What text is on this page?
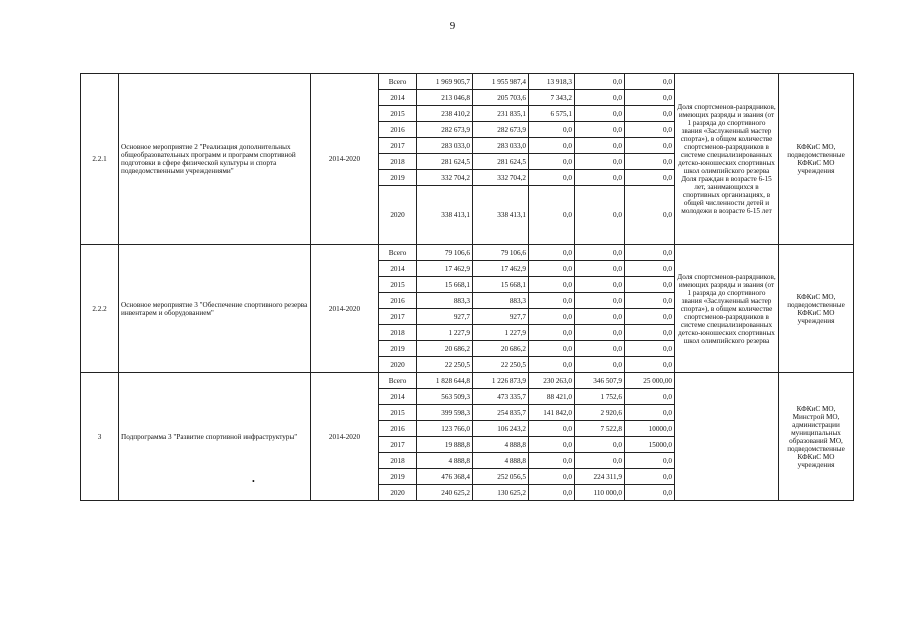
9
2.2.1	Основное мероприятие 2 "Реализация дополнительных общеобразовательных программ и программ спортивной подготовки в сфере физической культуры и спорта подведомственными учреждениями"	2014-2020	Всего	1 969 905,7	1 955 987,4	13 918,3	0,0	0,0	Доля спортсменов-разрядников, имеющих разряды и звания (от 1 разряда до спортивного звания «Заслуженный мастер спорта»), в общем количестве спортсменов-разрядников в системе специализированных детско-юношеских спортивных школ олимпийского резерва Доля граждан в возрасте 6-15 лет, занимающихся в спортивных организациях, в общей численности детей и молодежи в возрасте 6-15 лет	КФКиС МО, подведомственные КФКиС МО учреждения
			2014	213 046,8	205 703,6	7 343,2	0,0	0,0		
			2015	238 410,2	231 835,1	6 575,1	0,0	0,0		
			2016	282 673,9	282 673,9	0,0	0,0	0,0		
			2017	283 033,0	283 033,0	0,0	0,0	0,0		
			2018	281 624,5	281 624,5	0,0	0,0	0,0		
			2019	332 704,2	332 704,2	0,0	0,0	0,0		
			2020	338 413,1	338 413,1	0,0	0,0	0,0		
2.2.2	Основное мероприятие 3 "Обеспечение спортивного резерва инвентарем и оборудованием"	2014-2020	Всего	79 106,6	79 106,6	0,0	0,0	0,0	Доля спортсменов-разрядников, имеющих разряды и звания (от 1 разряда до спортивного звания «Заслуженный мастер спорта»), в общем количестве спортсменов-разрядников в системе специализированных детско-юношеских спортивных школ олимпийского резерва	КФКиС МО, подведомственные КФКиС МО учреждения
			2014	17 462,9	17 462,9	0,0	0,0	0,0		
			2015	15 668,1	15 668,1	0,0	0,0	0,0		
			2016	883,3	883,3	0,0	0,0	0,0		
			2017	927,7	927,7	0,0	0,0	0,0		
			2018	1 227,9	1 227,9	0,0	0,0	0,0		
			2019	20 686,2	20 686,2	0,0	0,0	0,0		
			2020	22 250,5	22 250,5	0,0	0,0	0,0		
3	Подпрограмма 3 "Развитие спортивной инфраструктуры"	2014-2020	Всего	1 828 644,8	1 226 873,9	230 263,0	346 507,9	25 000,00		КФКиС МО, Минстрой МО, администрации муниципальных образований МО, подведомственные КФКиС МО учреждения
			2014	563 509,3	473 335,7	88 421,0	1 752,6	0,0		
			2015	399 598,3	254 835,7	141 842,0	2 920,6	0,0		
			2016	123 766,0	106 243,2	0,0	7 522,8	10000,0		
			2017	19 888,8	4 888,8	0,0	0,0	15000,0		
			2018	4 888,8	4 888,8	0,0	0,0	0,0		
			2019	476 368,4	252 056,5	0,0	224 311,9	0,0		
			2020	240 625,2	130 625,2	0,0	110 000,0	0,0		
•
